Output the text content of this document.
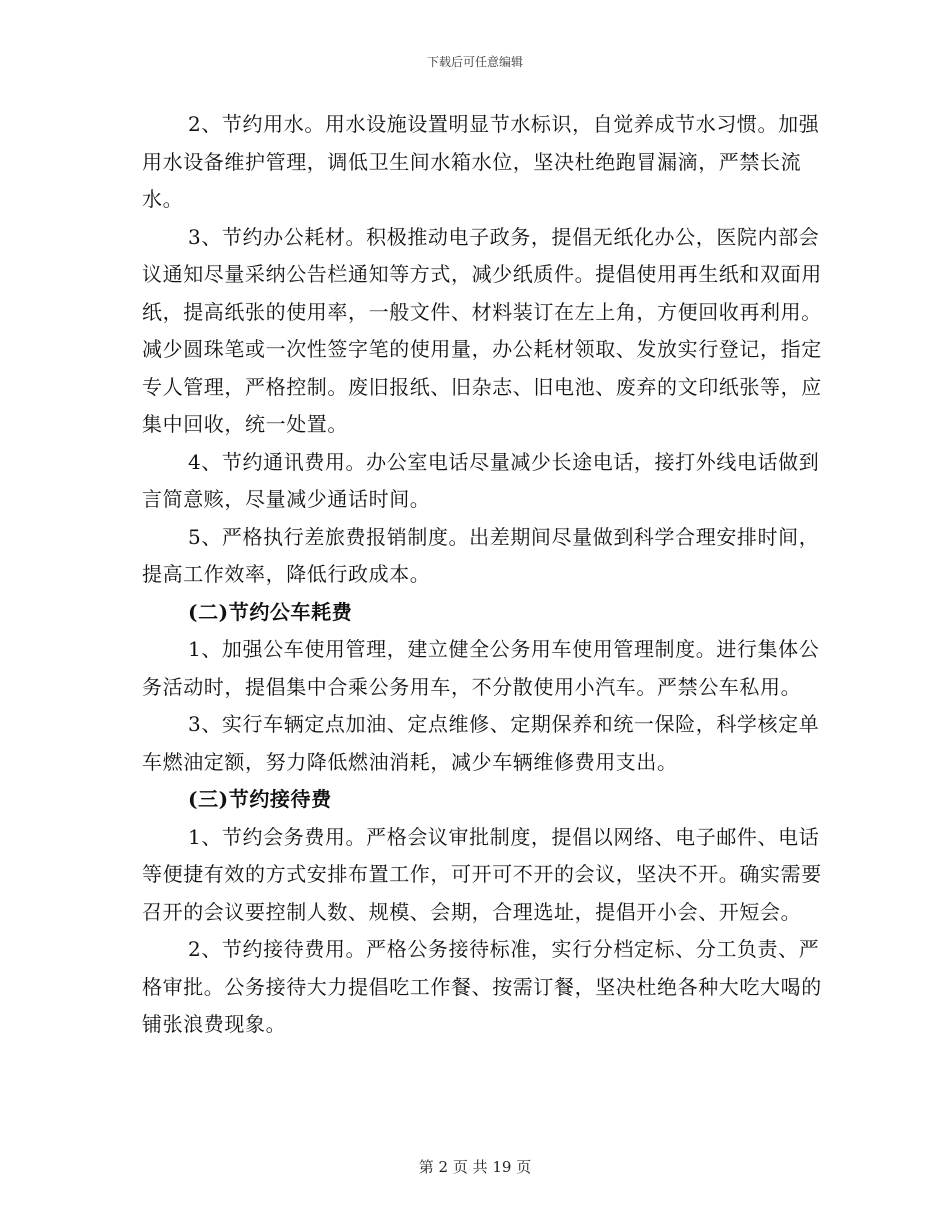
下载后可任意编辑

2、节约用水。用水设施设置明显节水标识，自觉养成节水习惯。加强用水设备维护管理，调低卫生间水箱水位，坚决杜绝跑冒漏滴，严禁长流水。

3、节约办公耗材。积极推动电子政务，提倡无纸化办公，医院内部会议通知尽量采纳公告栏通知等方式，减少纸质件。提倡使用再生纸和双面用纸，提高纸张的使用率，一般文件、材料装订在左上角，方便回收再利用。减少圆珠笔或一次性签字笔的使用量，办公耗材领取、发放实行登记，指定专人管理，严格控制。废旧报纸、旧杂志、旧电池、废弃的文印纸张等，应集中回收，统一处置。

4、节约通讯费用。办公室电话尽量减少长途电话，接打外线电话做到言简意赅，尽量减少通话时间。

5、严格执行差旅费报销制度。出差期间尽量做到科学合理安排时间，提高工作效率，降低行政成本。

(二)节约公车耗费

1、加强公车使用管理，建立健全公务用车使用管理制度。进行集体公务活动时，提倡集中合乘公务用车，不分散使用小汽车。严禁公车私用。

3、实行车辆定点加油、定点维修、定期保养和统一保险，科学核定单车燃油定额，努力降低燃油消耗，减少车辆维修费用支出。

(三)节约接待费

1、节约会务费用。严格会议审批制度，提倡以网络、电子邮件、电话等便捷有效的方式安排布置工作，可开可不开的会议，坚决不开。确实需要召开的会议要控制人数、规模、会期，合理选址，提倡开小会、开短会。

2、节约接待费用。严格公务接待标准，实行分档定标、分工负责、严格审批。公务接待大力提倡吃工作餐、按需订餐，坚决杜绝各种大吃大喝的铺张浪费现象。

第 2 页 共 19 页
